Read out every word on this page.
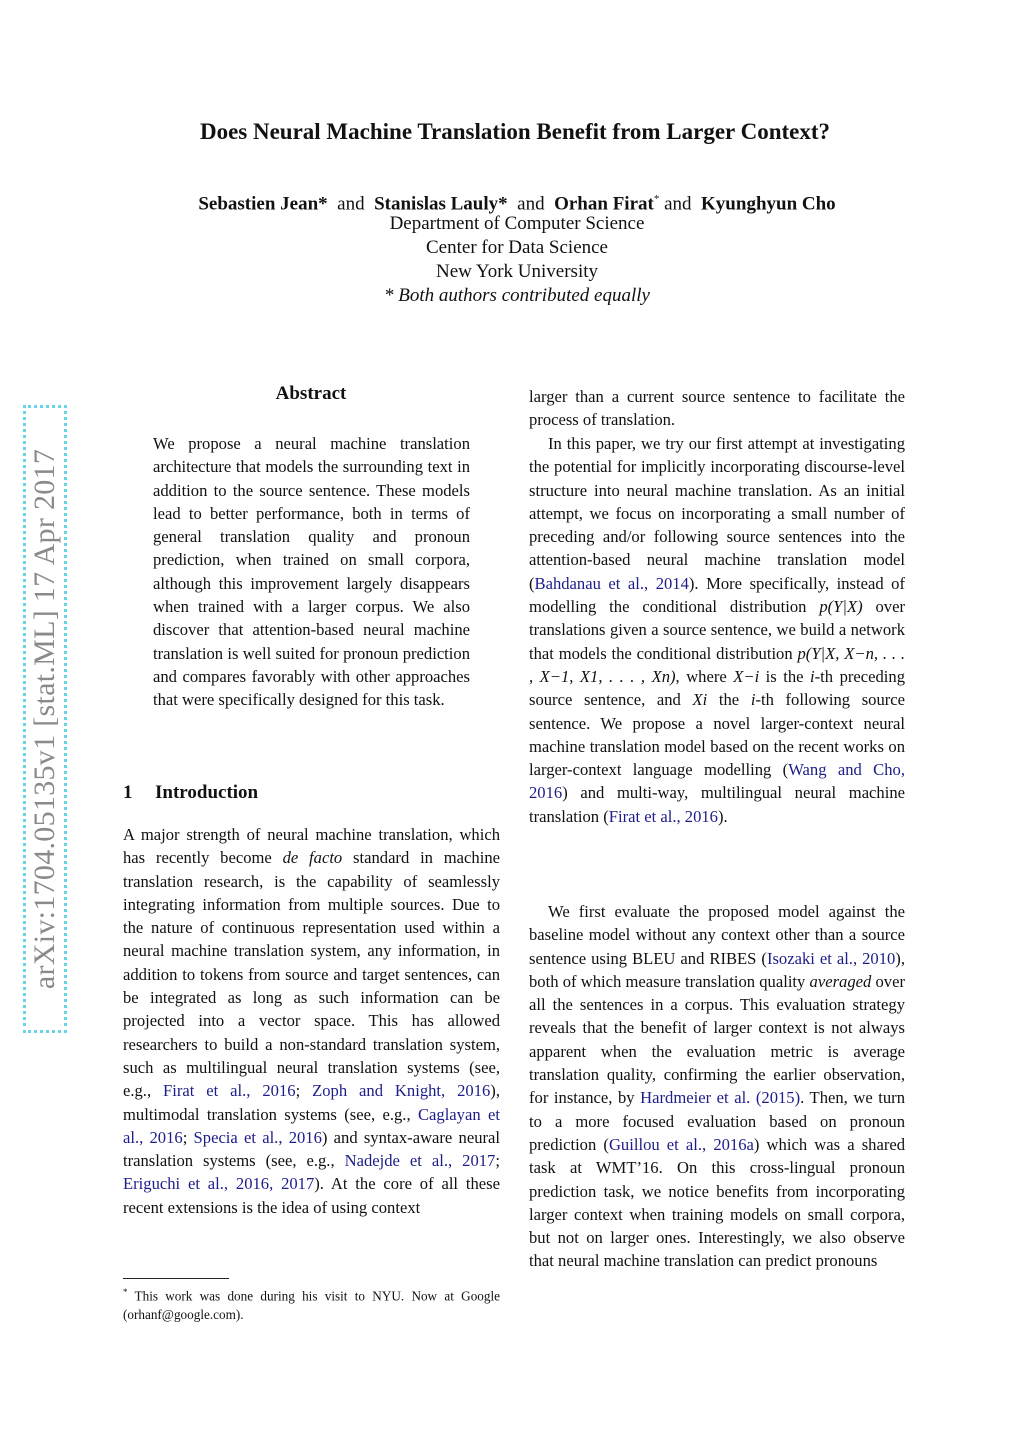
arXiv:1704.05135v1 [stat.ML] 17 Apr 2017
Does Neural Machine Translation Benefit from Larger Context?
Sebastien Jean* and Stanislas Lauly* and Orhan Firat* and Kyunghyun Cho
Department of Computer Science
Center for Data Science
New York University
* Both authors contributed equally
Abstract
We propose a neural machine translation architecture that models the surrounding text in addition to the source sentence. These models lead to better performance, both in terms of general translation quality and pronoun prediction, when trained on small corpora, although this improvement largely disappears when trained with a larger corpus. We also discover that attention-based neural machine translation is well suited for pronoun prediction and compares favorably with other approaches that were specifically designed for this task.
1 Introduction
A major strength of neural machine translation, which has recently become de facto standard in machine translation research, is the capability of seamlessly integrating information from multiple sources. Due to the nature of continuous representation used within a neural machine translation system, any information, in addition to tokens from source and target sentences, can be integrated as long as such information can be projected into a vector space. This has allowed researchers to build a non-standard translation system, such as multilingual neural translation systems (see, e.g., Firat et al., 2016; Zoph and Knight, 2016), multimodal translation systems (see, e.g., Caglayan et al., 2016; Specia et al., 2016) and syntax-aware neural translation systems (see, e.g., Nadejde et al., 2017; Eriguchi et al., 2016, 2017). At the core of all these recent extensions is the idea of using context
larger than a current source sentence to facilitate the process of translation.
In this paper, we try our first attempt at investigating the potential for implicitly incorporating discourse-level structure into neural machine translation. As an initial attempt, we focus on incorporating a small number of preceding and/or following source sentences into the attention-based neural machine translation model (Bahdanau et al., 2014). More specifically, instead of modelling the conditional distribution p(Y|X) over translations given a source sentence, we build a network that models the conditional distribution p(Y|X, X−n, . . . , X−1, X1, . . . , Xn), where X−i is the i-th preceding source sentence, and Xi the i-th following source sentence. We propose a novel larger-context neural machine translation model based on the recent works on larger-context language modelling (Wang and Cho, 2016) and multi-way, multilingual neural machine translation (Firat et al., 2016).
We first evaluate the proposed model against the baseline model without any context other than a source sentence using BLEU and RIBES (Isozaki et al., 2010), both of which measure translation quality averaged over all the sentences in a corpus. This evaluation strategy reveals that the benefit of larger context is not always apparent when the evaluation metric is average translation quality, confirming the earlier observation, for instance, by Hardmeier et al. (2015). Then, we turn to a more focused evaluation based on pronoun prediction (Guillou et al., 2016a) which was a shared task at WMT’16. On this cross-lingual pronoun prediction task, we notice benefits from incorporating larger context when training models on small corpora, but not on larger ones. Interestingly, we also observe that neural machine translation can predict pronouns
* This work was done during his visit to NYU. Now at Google (orhanf@google.com).
